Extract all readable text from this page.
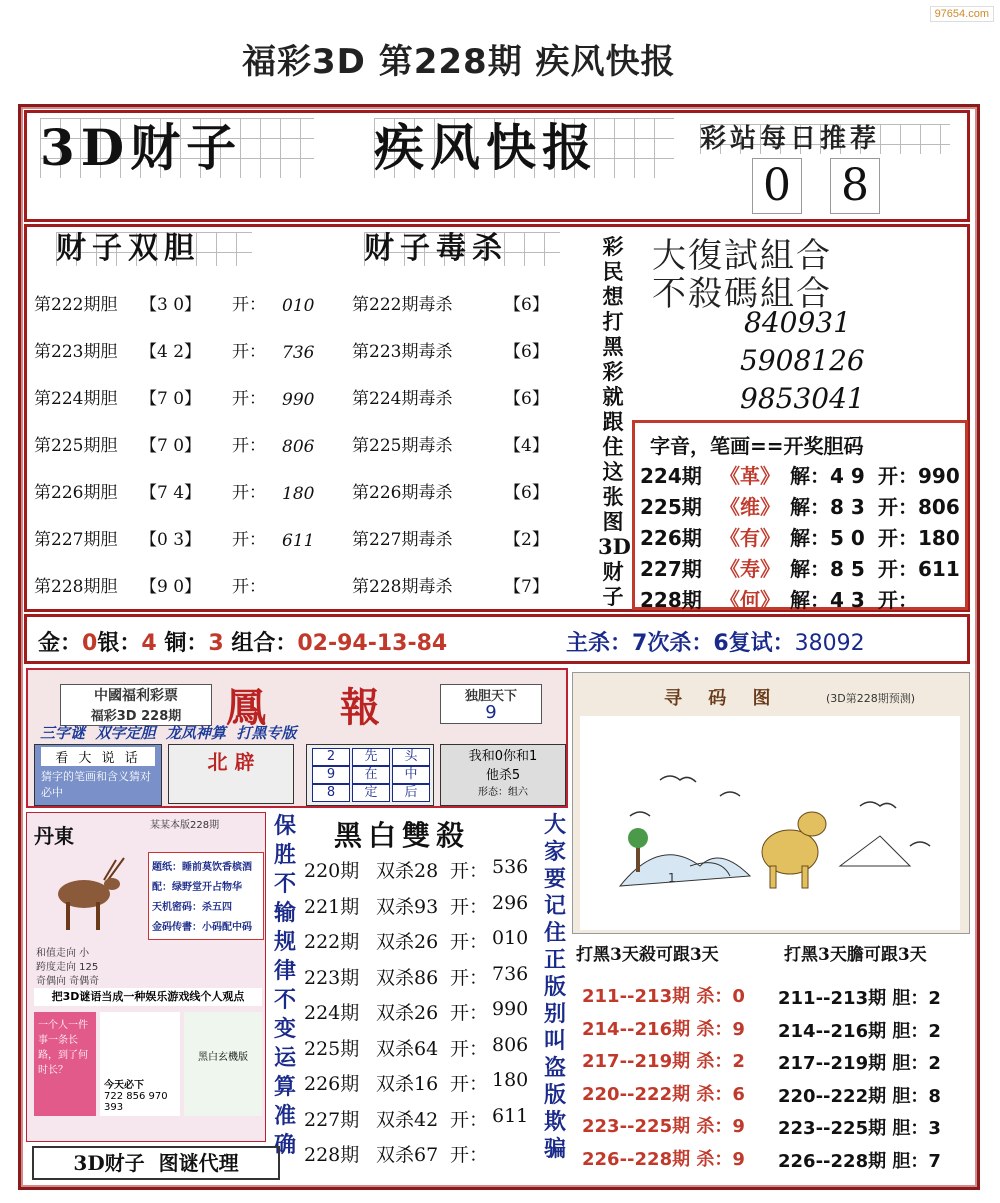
97654.com
福彩3D 第228期 疾风快报
3D财子	疾风快报	彩站每日推荐
0 8
财子双胆	财子毒杀
第222期胆 【3 0】 开： 010
第223期胆 【4 2】 开： 736
第224期胆 【7 0】 开： 990
第225期胆 【7 0】 开： 806
第226期胆 【7 4】 开： 180
第227期胆 【0 3】 开： 611
第228期胆 【9 0】 开：
第222期毒杀	【6】
第223期毒杀	【6】
第224期毒杀	【6】
第225期毒杀	【4】
第226期毒杀	【6】
第227期毒杀	【2】
第228期毒杀	【7】
彩民想打黑彩就跟住这张图3D财子
大復試組合
不殺碼組合
840931
5908126
9853041
字音，笔画==开奖胆码
224期 《革》 解：4 9 开：990
225期 《维》 解：8 3 开：806
226期 《有》 解：5 0 开：180
227期 《寿》 解：8 5 开：611
228期 《何》 解：4 3 开：
金：0银：4 铜：3 组合：02-94-13-84	主杀：7次杀：6复试：38092
中國福利彩票
福彩3D 228期	鳳 報	独胆天下
9
三字谜  双字定胆  龙凤神算  打黑专版
看 大 说 话
猜字的笔画和含义猜对必中
北 辟	2	先	头
9	在	中
8	定	后
我和0你和1
他杀5
形态：组六
寻 码 图	(3D第228期预测)
1
丹東	某某本版228期
题纸：睡前莫饮香槟酒
配：绿野堂开占物华
天机密码：杀五四
金码传書：小码配中码
和值走向 小
跨度走向 125
奇偶向 奇偶奇
把3D谜语当成一种娱乐游戏线个人观点
一个人一件事一条长路，到了何时长？
今天必下
722 856 970 393
黑白玄機版
保胜不输规律不变运算准确
黑白雙殺
220期 双杀28 开： 536
221期 双杀93 开： 296
222期 双杀26 开： 010
223期 双杀86 开： 736
224期 双杀26 开： 990
225期 双杀64 开： 806
226期 双杀16 开： 180
227期 双杀42 开： 611
228期 双杀67 开：
大家要记住正版别叫盗版欺骗
打黑3天殺可跟3天	打黑3天膽可跟3天
211--213期 杀：0
214--216期 杀：9
217--219期 杀：2
220--222期 杀：6
223--225期 杀：9
226--228期 杀：9
211--213期 胆：2
214--216期 胆：2
217--219期 胆：2
220--222期 胆：8
223--225期 胆：3
226--228期 胆：7
3D财子  图谜代理
